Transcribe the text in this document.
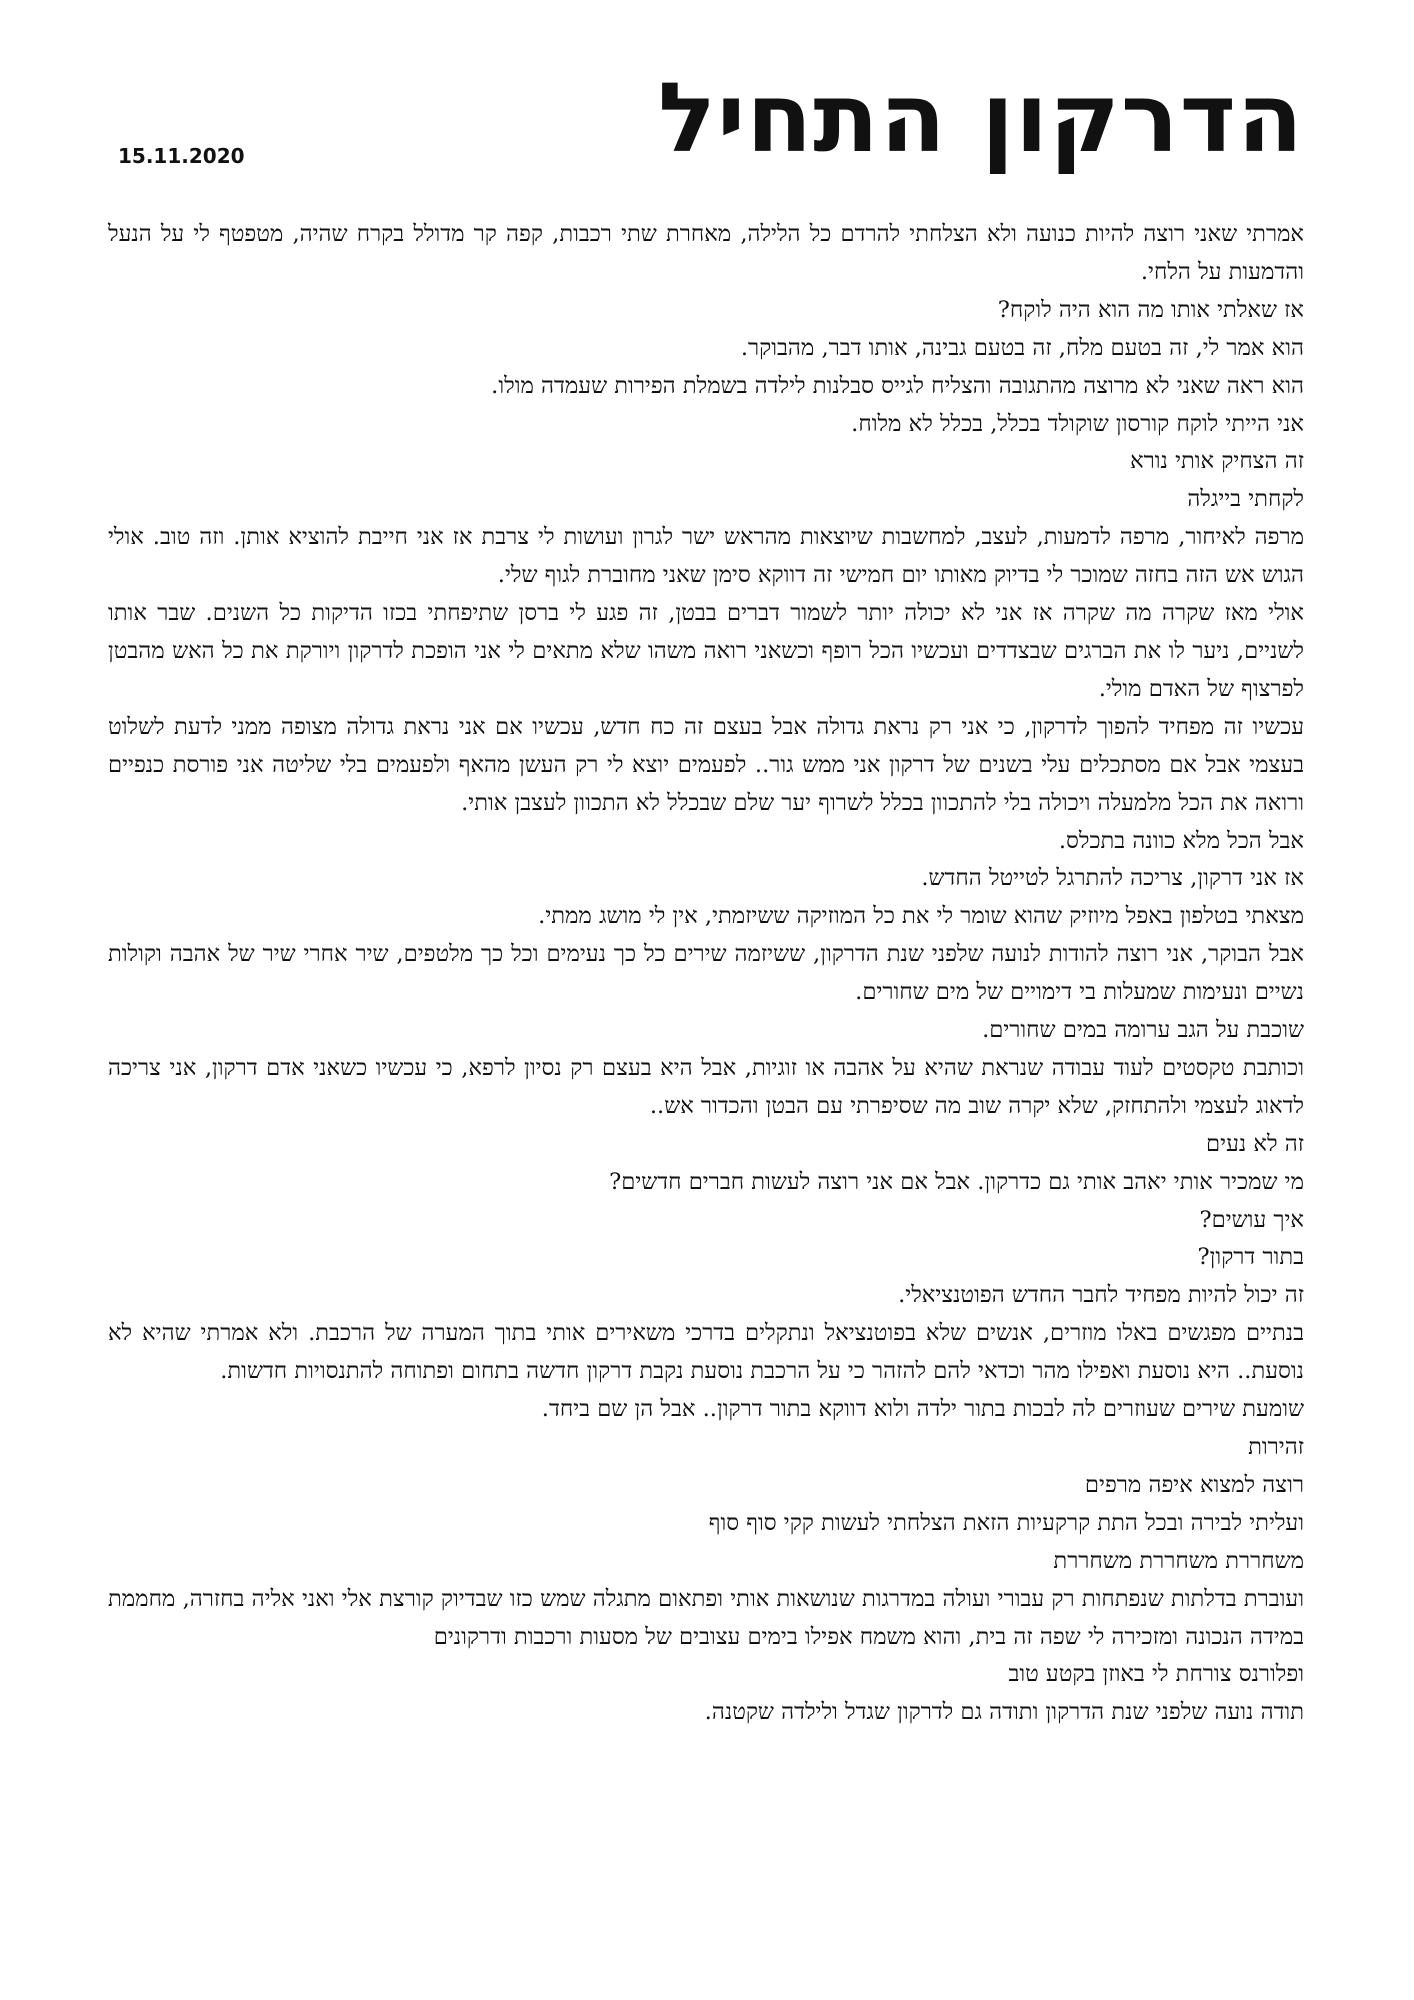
הדרקון התחיל
15.11.2020

אמרתי שאני רוצה להיות כנועה ולא הצלחתי להרדם כל הלילה, מאחרת שתי רכבות, קפה קר מדולל בקרח שהיה, מטפטף לי על הנעל והדמעות על הלחי.

אז שאלתי אותו מה הוא היה לוקח?

הוא אמר לי, זה בטעם מלח, זה בטעם גבינה, אותו דבר, מהבוקר.

הוא ראה שאני לא מרוצה מהתגובה והצליח לגייס סבלנות לילדה בשמלת הפירות שעמדה מולו.

אני הייתי לוקח קורסון שוקולד בכלל, בכלל לא מלוח.

זה הצחיק אותי נורא

לקחתי בייגלה

מרפה לאיחור, מרפה לדמעות, לעצב, למחשבות שיוצאות מהראש ישר לגרון ועושות לי צרבת אז אני חייבת להוציא אותן. וזה טוב. אולי הגוש אש הזה בחזה שמוכר לי בדיוק מאותו יום חמישי זה דווקא סימן שאני מחוברת לגוף שלי.

אולי מאז שקרה מה שקרה אז אני לא יכולה יותר לשמור דברים בבטן, זה פגע לי ברסן שתיפחתי בכזו הדיקות כל השנים. שבר אותו לשניים, ניער לו את הברגים שבצדדים ועכשיו הכל רופף וכשאני רואה משהו שלא מתאים לי אני הופכת לדרקון ויורקת את כל האש מהבטן לפרצוף של האדם מולי.

עכשיו זה מפחיד להפוך לדרקון, כי אני רק נראת גדולה אבל בעצם זה כח חדש, עכשיו אם אני נראת גדולה מצופה ממני לדעת לשלוט בעצמי אבל אם מסתכלים עלי בשנים של דרקון אני ממש גור.. לפעמים יוצא לי רק העשן מהאף ולפעמים בלי שליטה אני פורסת כנפיים ורואה את הכל מלמעלה ויכולה בלי להתכוון בכלל לשרוף יער שלם שבכלל לא התכוון לעצבן אותי.

אבל הכל מלא כוונה בתכלס.

אז אני דרקון, צריכה להתרגל לטייטל החדש.

מצאתי בטלפון באפל מיוזיק שהוא שומר לי את כל המוזיקה ששיזמתי, אין לי מושג ממתי.

אבל הבוקר, אני רוצה להודות לנועה שלפני שנת הדרקון, ששיזמה שירים כל כך נעימים וכל כך מלטפים, שיר אחרי שיר של אהבה וקולות נשיים ונעימות שמעלות בי דימויים של מים שחורים.

שוכבת על הגב ערומה במים שחורים.

וכותבת טקסטים לעוד עבודה שנראת שהיא על אהבה או זוגיות, אבל היא בעצם רק נסיון לרפא, כי עכשיו כשאני אדם דרקון, אני צריכה לדאוג לעצמי ולהתחזק, שלא יקרה שוב מה שסיפרתי עם הבטן והכדור אש..

זה לא נעים

מי שמכיר אותי יאהב אותי גם כדרקון. אבל אם אני רוצה לעשות חברים חדשים?

איך עושים?

בתור דרקון?

זה יכול להיות מפחיד לחבר החדש הפוטנציאלי.

בנתיים מפגשים באלו מוזרים, אנשים שלא בפוטנציאל ונתקלים בדרכי משאירים אותי בתוך המערה של הרכבת. ולא אמרתי שהיא לא נוסעת.. היא נוסעת ואפילו מהר וכדאי להם להזהר כי על הרכבת נוסעת נקבת דרקון חדשה בתחום ופתוחה להתנסויות חדשות.

שומעת שירים שעוזרים לה לבכות בתור ילדה ולוא דווקא בתור דרקון.. אבל הן שם ביחד.

זהירות

רוצה למצוא איפה מרפים

ועליתי לבירה ובכל התת קרקעיות הזאת הצלחתי לעשות קקי סוף סוף

משחררת משחררת משחררת

ועוברת בדלתות שנפתחות רק עבורי ועולה במדרגות שנושאות אותי ופתאום מתגלה שמש כזו שבדיוק קורצת אלי ואני אליה בחזרה, מחממת במידה הנכונה ומזכירה לי שפה זה בית, והוא משמח אפילו בימים עצובים של מסעות ורכבות ודרקונים

ופלורנס צורחת לי באוזן בקטע טוב

תודה נועה שלפני שנת הדרקון ותודה גם לדרקון שגדל ולילדה שקטנה.
